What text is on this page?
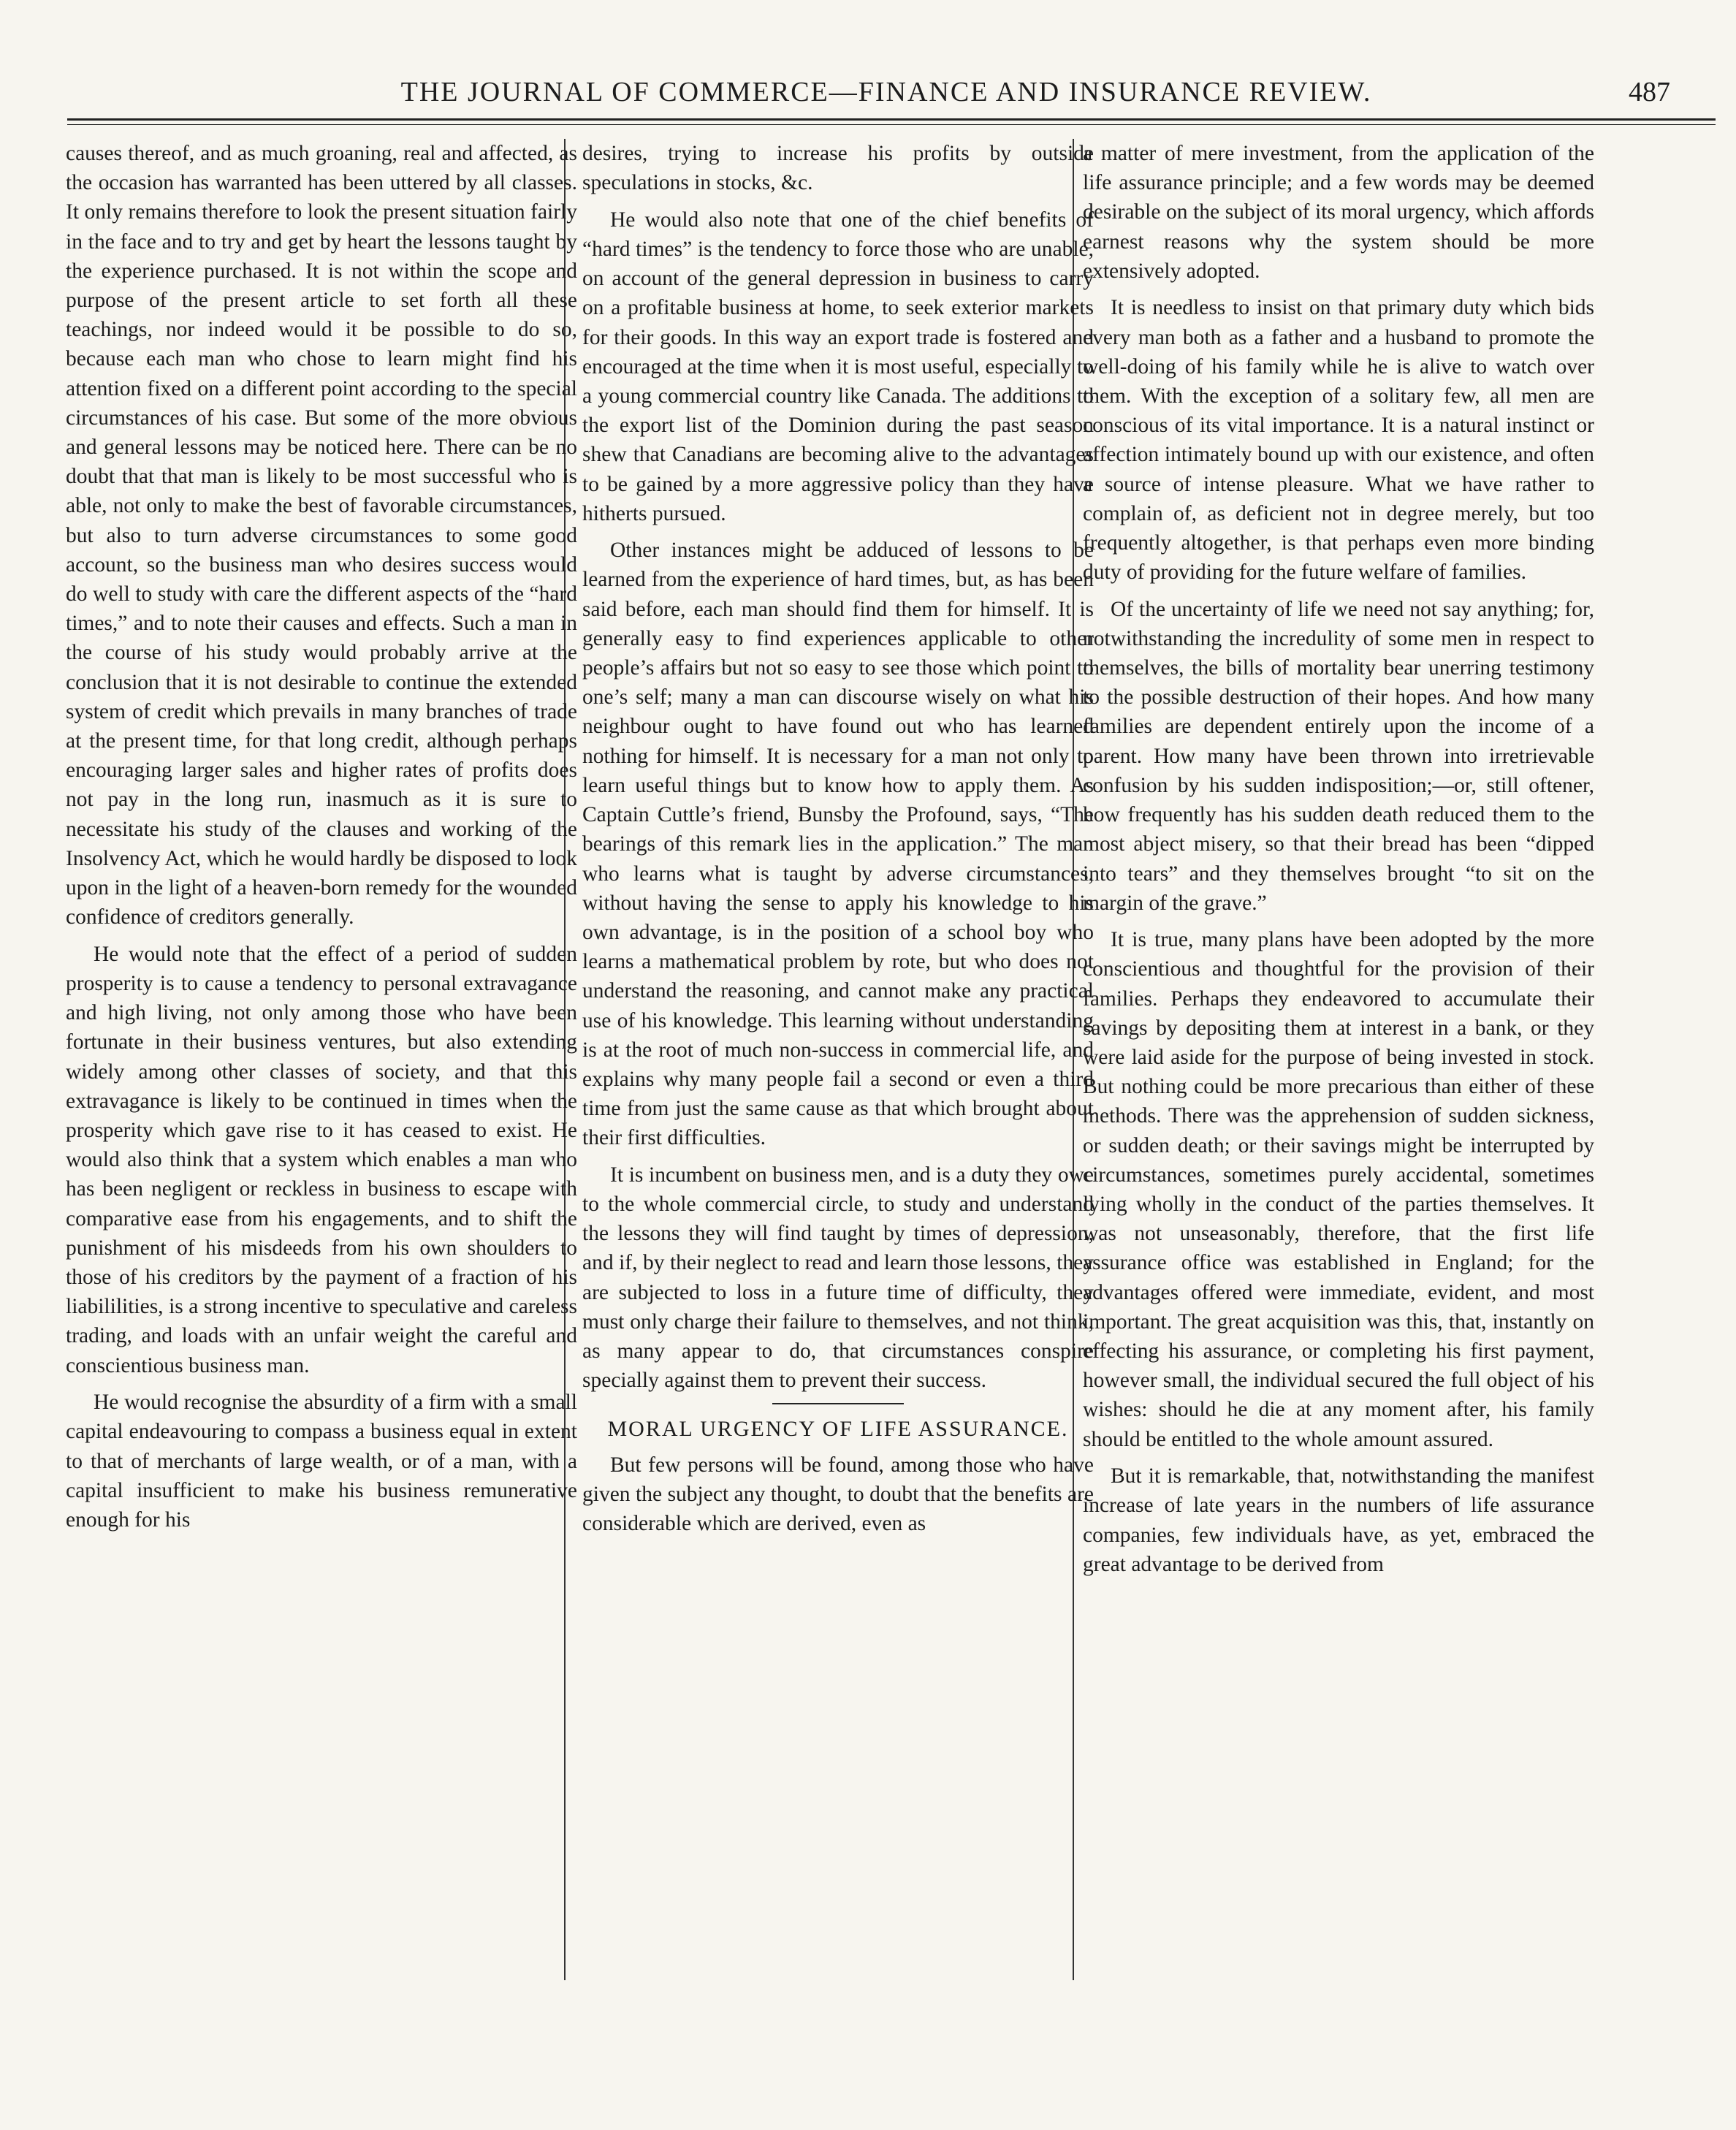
THE JOURNAL OF COMMERCE—FINANCE AND INSURANCE REVIEW.	487

causes thereof, and as much groaning, real and affected, as the occasion has warranted has been uttered by all classes. It only remains therefore to look the present situation fairly in the face and to try and get by heart the lessons taught by the experience purchased. It is not within the scope and purpose of the present article to set forth all these teachings, nor indeed would it be possible to do so, because each man who chose to learn might find his attention fixed on a different point according to the special circumstances of his case. But some of the more obvious and general lessons may be noticed here. There can be no doubt that that man is likely to be most successful who is able, not only to make the best of favorable circumstances, but also to turn adverse circumstances to some good account, so the business man who desires success would do well to study with care the different aspects of the “hard times,” and to note their causes and effects. Such a man in the course of his study would probably arrive at the conclusion that it is not desirable to continue the extended system of credit which prevails in many branches of trade at the present time, for that long credit, although perhaps encouraging larger sales and higher rates of profits does not pay in the long run, inasmuch as it is sure to necessitate his study of the clauses and working of the Insolvency Act, which he would hardly be disposed to look upon in the light of a heaven-born remedy for the wounded confidence of creditors generally.

He would note that the effect of a period of sudden prosperity is to cause a tendency to personal extravagance and high living, not only among those who have been fortunate in their business ventures, but also extending widely among other classes of society, and that this extravagance is likely to be continued in times when the prosperity which gave rise to it has ceased to exist. He would also think that a system which enables a man who has been negligent or reckless in business to escape with comparative ease from his engagements, and to shift the punishment of his misdeeds from his own shoulders to those of his creditors by the payment of a fraction of his liabililities, is a strong incentive to speculative and careless trading, and loads with an unfair weight the careful and conscientious business man.

He would recognise the absurdity of a firm with a small capital endeavouring to compass a business equal in extent to that of merchants of large wealth, or of a man, with a capital insufficient to make his business remunerative enough for his

desires, trying to increase his profits by outside speculations in stocks, &c.

He would also note that one of the chief benefits of “hard times” is the tendency to force those who are unable, on account of the general depression in business to carry on a profitable business at home, to seek exterior markets for their goods. In this way an export trade is fostered and encouraged at the time when it is most useful, especially to a young commercial country like Canada. The additions to the export list of the Dominion during the past season shew that Canadians are becoming alive to the advantages to be gained by a more aggressive policy than they have hitherts pursued.

Other instances might be adduced of lessons to be learned from the experience of hard times, but, as has been said before, each man should find them for himself. It is generally easy to find experiences applicable to other people’s affairs but not so easy to see those which point to one’s self; many a man can discourse wisely on what his neighbour ought to have found out who has learned nothing for himself. It is necessary for a man not only to learn useful things but to know how to apply them. As Captain Cuttle’s friend, Bunsby the Profound, says, “The bearings of this remark lies in the application.” The man who learns what is taught by adverse circumstances, without having the sense to apply his knowledge to his own advantage, is in the position of a school boy who learns a mathematical problem by rote, but who does not understand the reasoning, and cannot make any practical use of his knowledge. This learning without understanding is at the root of much non-success in commercial life, and explains why many people fail a second or even a third time from just the same cause as that which brought about their first difficulties.

It is incumbent on business men, and is a duty they owe to the whole commercial circle, to study and understand the lessons they will find taught by times of depression, and if, by their neglect to read and learn those lessons, they are subjected to loss in a future time of difficulty, they must only charge their failure to themselves, and not think, as many appear to do, that circumstances conspire specially against them to prevent their success.

MORAL URGENCY OF LIFE ASSURANCE.

But few persons will be found, among those who have given the subject any thought, to doubt that the benefits are considerable which are derived, even as

a matter of mere investment, from the application of the life assurance principle; and a few words may be deemed desirable on the subject of its moral urgency, which affords earnest reasons why the system should be more extensively adopted.

It is needless to insist on that primary duty which bids every man both as a father and a husband to promote the well-doing of his family while he is alive to watch over them. With the exception of a solitary few, all men are conscious of its vital importance. It is a natural instinct or affection intimately bound up with our existence, and often a source of intense pleasure. What we have rather to complain of, as deficient not in degree merely, but too frequently altogether, is that perhaps even more binding duty of providing for the future welfare of families.

Of the uncertainty of life we need not say anything; for, notwithstanding the incredulity of some men in respect to themselves, the bills of mortality bear unerring testimony to the possible destruction of their hopes. And how many families are dependent entirely upon the income of a parent. How many have been thrown into irretrievable confusion by his sudden indisposition;—or, still oftener, how frequently has his sudden death reduced them to the most abject misery, so that their bread has been “dipped into tears” and they themselves brought “to sit on the margin of the grave.”

It is true, many plans have been adopted by the more conscientious and thoughtful for the provision of their families. Perhaps they endeavored to accumulate their savings by depositing them at interest in a bank, or they were laid aside for the purpose of being invested in stock. But nothing could be more precarious than either of these methods. There was the apprehension of sudden sickness, or sudden death; or their savings might be interrupted by circumstances, sometimes purely accidental, sometimes lying wholly in the conduct of the parties themselves. It was not unseasonably, therefore, that the first life assurance office was established in England; for the advantages offered were immediate, evident, and most important. The great acquisition was this, that, instantly on effecting his assurance, or completing his first payment, however small, the individual secured the full object of his wishes: should he die at any moment after, his family should be entitled to the whole amount assured.

But it is remarkable, that, notwithstanding the manifest increase of late years in the numbers of life assurance companies, few individuals have, as yet, embraced the great advantage to be derived from
